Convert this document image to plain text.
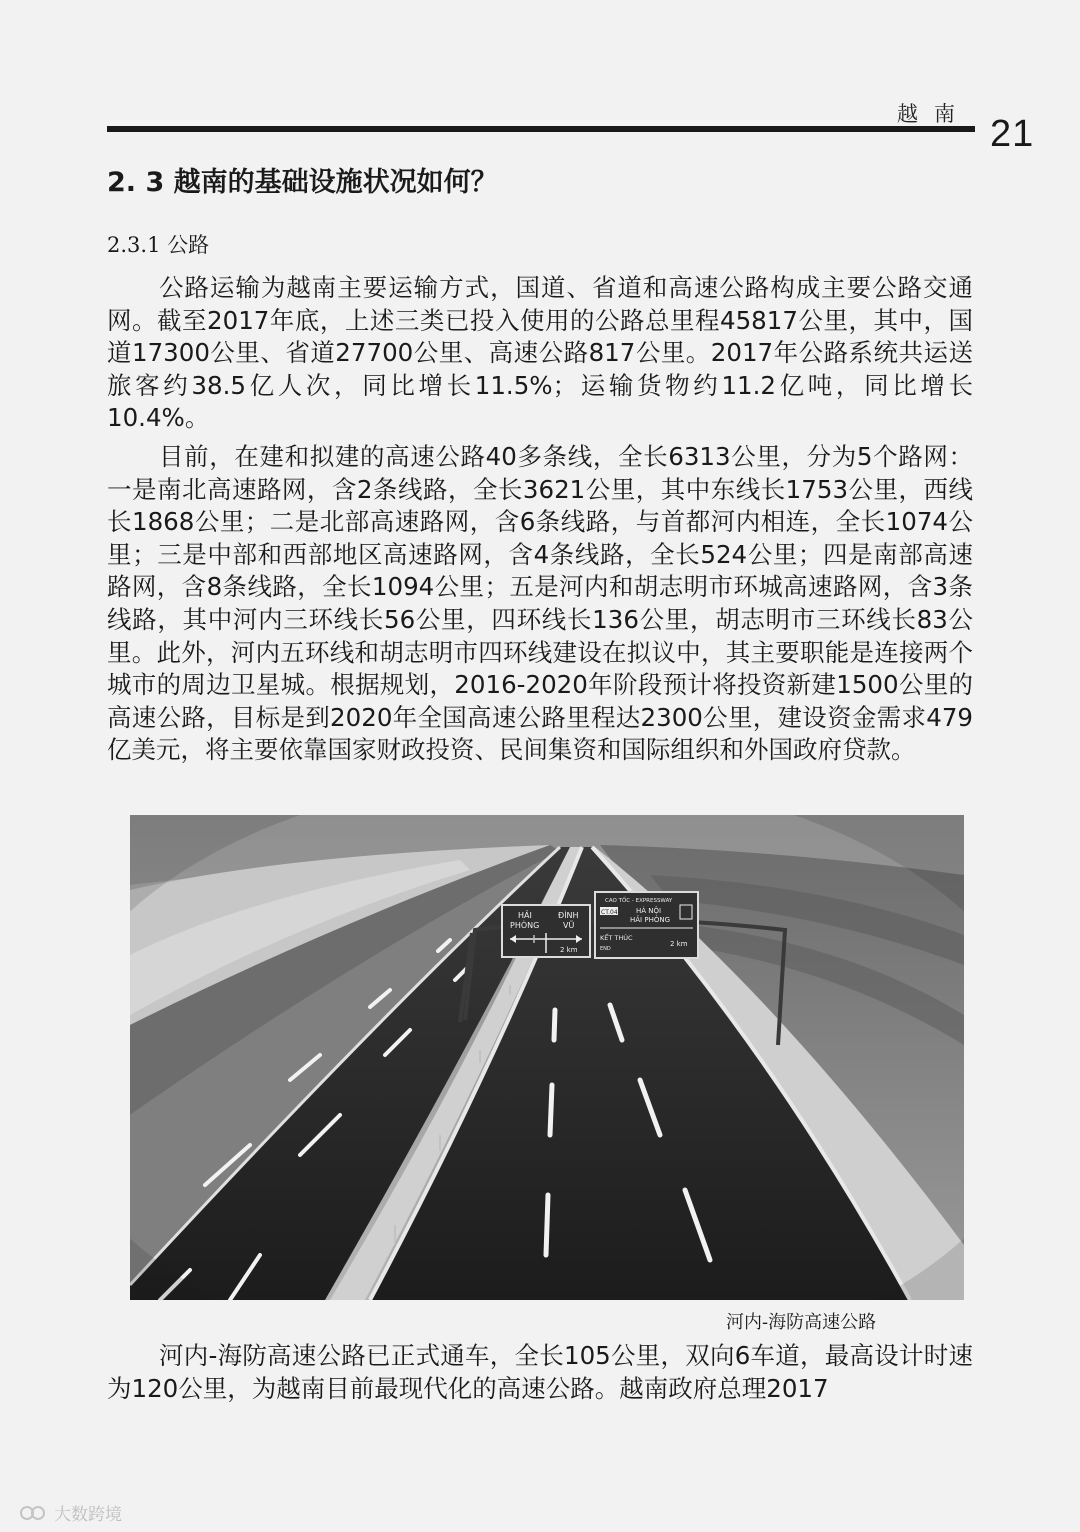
越南 21
2. 3 越南的基础设施状况如何？
2.3.1 公路

公路运输为越南主要运输方式，国道、省道和高速公路构成主要公路交通网。截至2017年底，上述三类已投入使用的公路总里程45817公里，其中，国道17300公里、省道27700公里、高速公路817公里。2017年公路系统共运送旅客约38.5亿人次，同比增长11.5%；运输货物约11.2亿吨，同比增长10.4%。

目前，在建和拟建的高速公路40多条线，全长6313公里，分为5个路网：一是南北高速路网，含2条线路，全长3621公里，其中东线长1753公里，西线长1868公里；二是北部高速路网，含6条线路，与首都河内相连，全长1074公里；三是中部和西部地区高速路网，含4条线路，全长524公里；四是南部高速路网，含8条线路，全长1094公里；五是河内和胡志明市环城高速路网，含3条线路，其中河内三环线长56公里，四环线长136公里，胡志明市三环线长83公里。此外，河内五环线和胡志明市四环线建设在拟议中，其主要职能是连接两个城市的周边卫星城。根据规划，2016-2020年阶段预计将投资新建1500公里的高速公路，目标是到2020年全国高速公路里程达2300公里，建设资金需求479亿美元，将主要依靠国家财政投资、民间集资和国际组织和外国政府贷款。

HẢI
PHÒNG
ĐÌNH
VŨ
2 km
CAO TỐC - EXPRESSWAY
CT.04	HÀ NỘI
HẢI PHÒNG
KẾT THÚC
END
2 km
河内-海防高速公路

河内-海防高速公路已正式通车，全长105公里，双向6车道，最高设计时速为120公里，为越南目前最现代化的高速公路。越南政府总理2017

大数跨境
